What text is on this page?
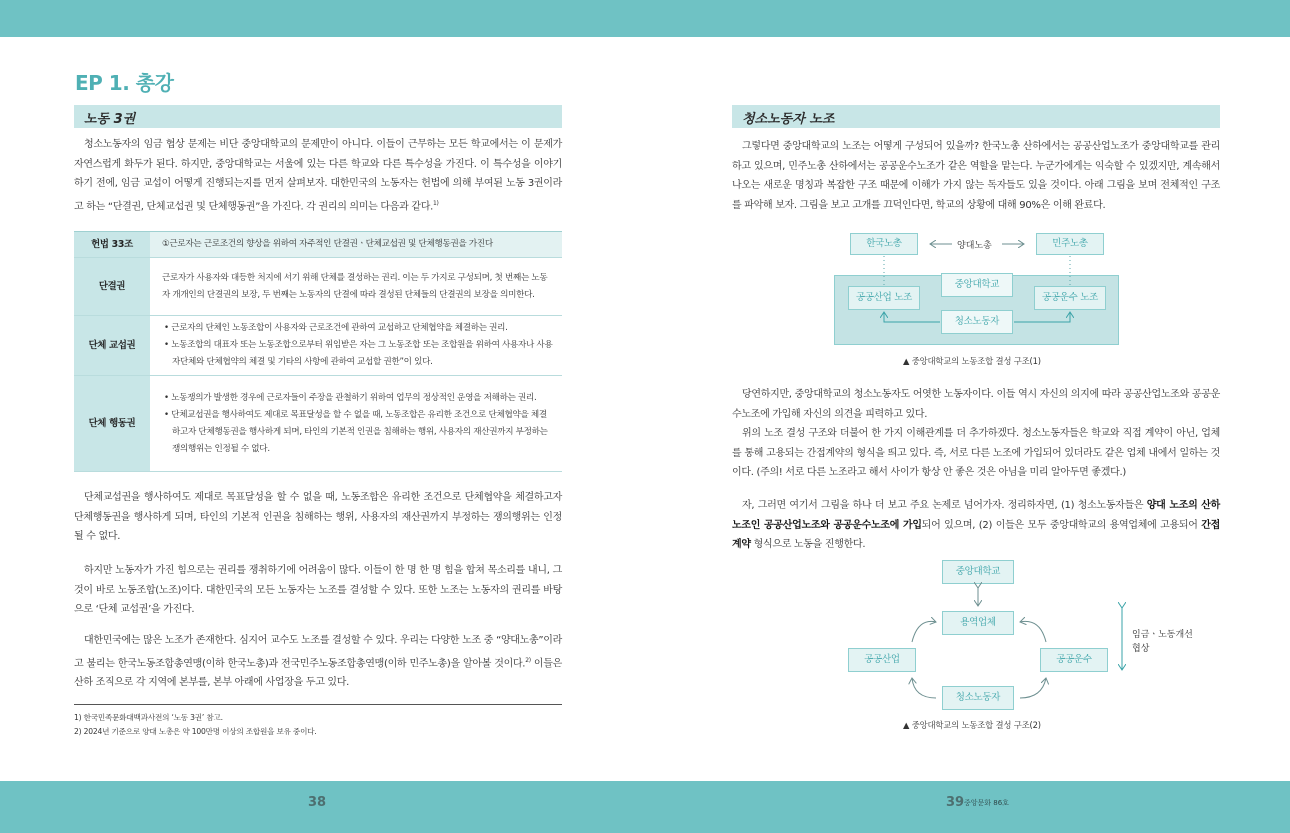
EP 1. 총강
노동 3권
청소노동자의 임금 협상 문제는 비단 중앙대학교의 문제만이 아니다. 이들이 근무하는 모든 학교에서는 이 문제가 자연스럽게 화두가 된다. 하지만, 중앙대학교는 서울에 있는 다른 학교와 다른 특수성을 가진다. 이 특수성을 이야기하기 전에, 임금 교섭이 어떻게 진행되는지를 먼저 살펴보자. 대한민국의 노동자는 헌법에 의해 부여된 노동 3권이라고 하는 “단결권, 단체교섭권 및 단체행동권”을 가진다. 각 권리의 의미는 다음과 같다.$^{1)}$
헌법 33조	①근로자는 근로조건의 향상을 위하여 자주적인 단결권ㆍ단체교섭권 및 단체행동권을 가진다
단결권	근로자가 사용자와 대등한 처지에 서기 위해 단체를 결성하는 권리. 이는 두 가지로 구성되며, 첫 번째는 노동자 개개인의 단결권의 보장, 두 번째는 노동자의 단결에 따라 결성된 단체들의 단결권의 보장을 의미한다.
단체 교섭권	• 근로자의 단체인 노동조합이 사용자와 근로조건에 관하여 교섭하고 단체협약을 체결하는 권리.
• 노동조합의 대표자 또는 노동조합으로부터 위임받은 자는 그 노동조합 또는 조합원을 위하여 사용자나 사용자단체와 단체협약의 체결 및 기타의 사항에 관하여 교섭할 권한”이 있다.

단체 행동권	• 노동쟁의가 발생한 경우에 근로자들이 주장을 관철하기 위하여 업무의 정상적인 운영을 저해하는 권리.
• 단체교섭권을 행사하여도 제대로 목표달성을 할 수 없을 때, 노동조합은 유리한 조건으로 단체협약을 체결하고자 단체행동권을 행사하게 되며, 타인의 기본적 인권을 침해하는 행위, 사용자의 재산권까지 부정하는 쟁의행위는 인정될 수 없다.
단체교섭권을 행사하여도 제대로 목표달성을 할 수 없을 때, 노동조합은 유리한 조건으로 단체협약을 체결하고자 단체행동권을 행사하게 되며, 타인의 기본적 인권을 침해하는 행위, 사용자의 재산권까지 부정하는 쟁의행위는 인정될 수 없다.
하지만 노동자가 가진 힘으로는 권리를 쟁취하기에 어려움이 많다. 이들이 한 명 한 명 힘을 합쳐 목소리를 내니, 그것이 바로 노동조합(노조)이다. 대한민국의 모든 노동자는 노조를 결성할 수 있다. 또한 노조는 노동자의 권리를 바탕으로 ‘단체 교섭권’을 가진다.
대한민국에는 많은 노조가 존재한다. 심지어 교수도 노조를 결성할 수 있다. 우리는 다양한 노조 중 “양대노총”이라고 불리는 한국노동조합총연맹(이하 한국노총)과 전국민주노동조합총연맹(이하 민주노총)을 알아볼 것이다.$^{2)}$ 이들은 산하 조직으로 각 지역에 본부를, 본부 아래에 사업장을 두고 있다.
1) 한국민족문화대백과사전의 ‘노동 3권’ 참고.
2) 2024년 기준으로 양대 노총은 약 100만명 이상의 조합원을 보유 중이다.
청소노동자 노조
그렇다면 중앙대학교의 노조는 어떻게 구성되어 있을까? 한국노총 산하에서는 공공산업노조가 중앙대학교를 관리하고 있으며, 민주노총 산하에서는 공공운수노조가 같은 역할을 맡는다. 누군가에게는 익숙할 수 있겠지만, 계속해서 나오는 새로운 명칭과 복잡한 구조 때문에 이해가 가지 않는 독자들도 있을 것이다. 아래 그림을 보며 전체적인 구조를 파악해 보자. 그림을 보고 고개를 끄덕인다면, 학교의 상황에 대해 90%은 이해 완료다.
한국노총	양대노총	민주노총
중앙대학교
공공산업 노조	공공운수 노조
청소노동자
▲ 중앙대학교의 노동조합 결성 구조(1)
당연하지만, 중앙대학교의 청소노동자도 어엿한 노동자이다. 이들 역시 자신의 의지에 따라 공공산업노조와 공공운수노조에 가입해 자신의 의견을 피력하고 있다.
위의 노조 결성 구조와 더불어 한 가지 이해관계를 더 추가하겠다. 청소노동자들은 학교와 직접 계약이 아닌, 업체를 통해 고용되는 간접계약의 형식을 띄고 있다. 즉, 서로 다른 노조에 가입되어 있더라도 같은 업체 내에서 일하는 것이다. (주의! 서로 다른 노조라고 해서 사이가 항상 안 좋은 것은 아님을 미리 알아두면 좋겠다.)
자, 그러면 여기서 그림을 하나 더 보고 주요 논제로 넘어가자. 정리하자면, (1) 청소노동자들은 양대 노조의 산하 노조인 공공산업노조와 공공운수노조에 가입되어 있으며, (2) 이들은 모두 중앙대학교의 용역업체에 고용되어 간접계약 형식으로 노동을 진행한다.
중앙대학교
용역업체
공공산업	공공운수
청소노동자
임금ㆍ노동개선
협상
▲ 중앙대학교의 노동조합 결성 구조(2)
38	39 중앙문화 86호
